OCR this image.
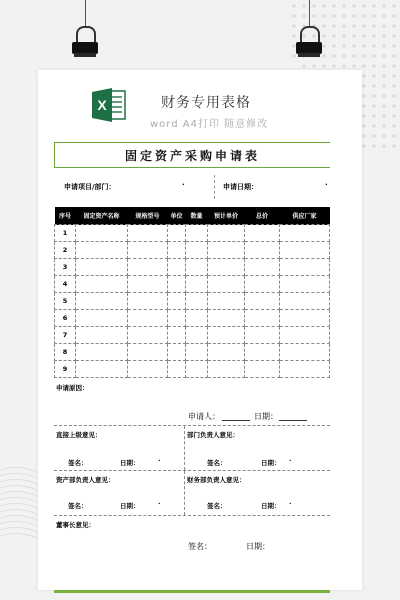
X	财务专用表格
word A4打印 随意修改
固定资产采购申请表
申请项目/部门：	.	申请日期：	.
序号	固定资产名称	规格型号	单位	数量	预计单价	总价	供应厂家
1							
2							
3							
4							
5							
6							
7							
8							
9							
申请原因：
申请人：	日期：
直接上级意见：
签名：	日期：	.
部门负责人意见：
签名：	日期： .
资产部负责人意见：
签名：	日期：	.
财务部负责人意见：
签名：	日期： .
董事长意见：
签名：	日期：
